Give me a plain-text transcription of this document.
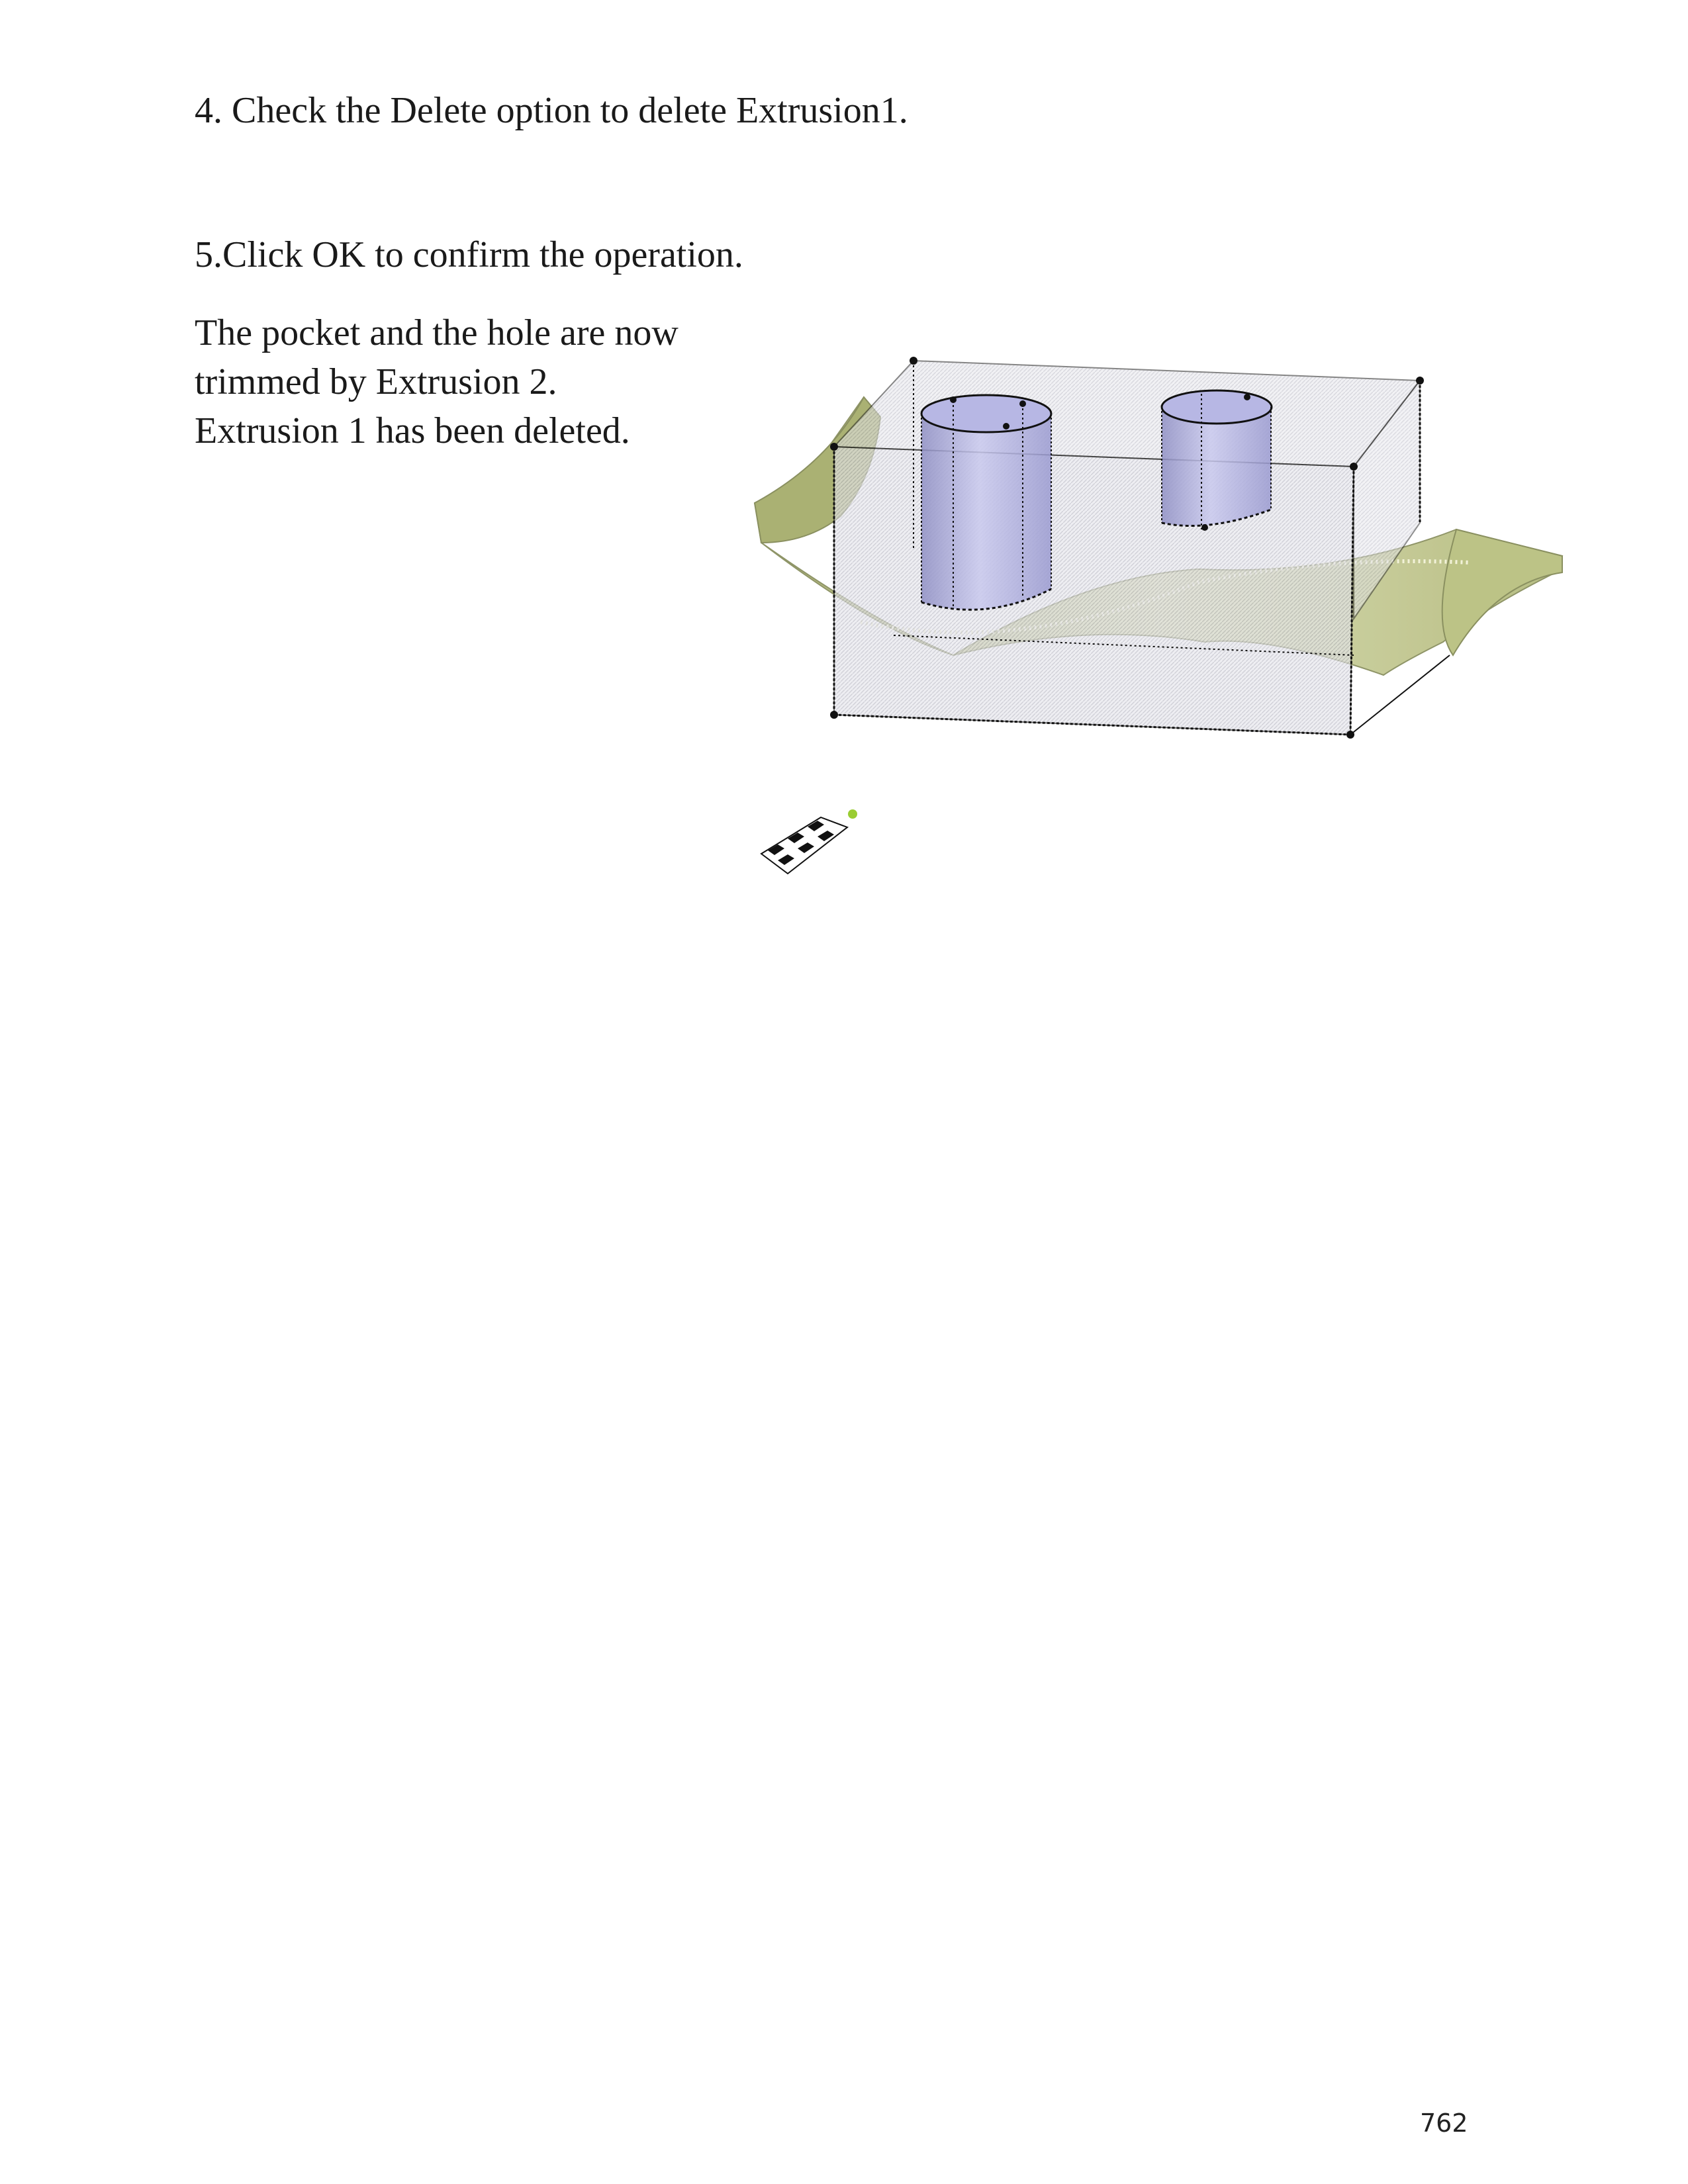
4. Check the Delete option to delete Extrusion1.

5.Click OK to confirm the operation.

The pocket and the hole are now
trimmed by Extrusion 2.
Extrusion 1 has been deleted.
762
